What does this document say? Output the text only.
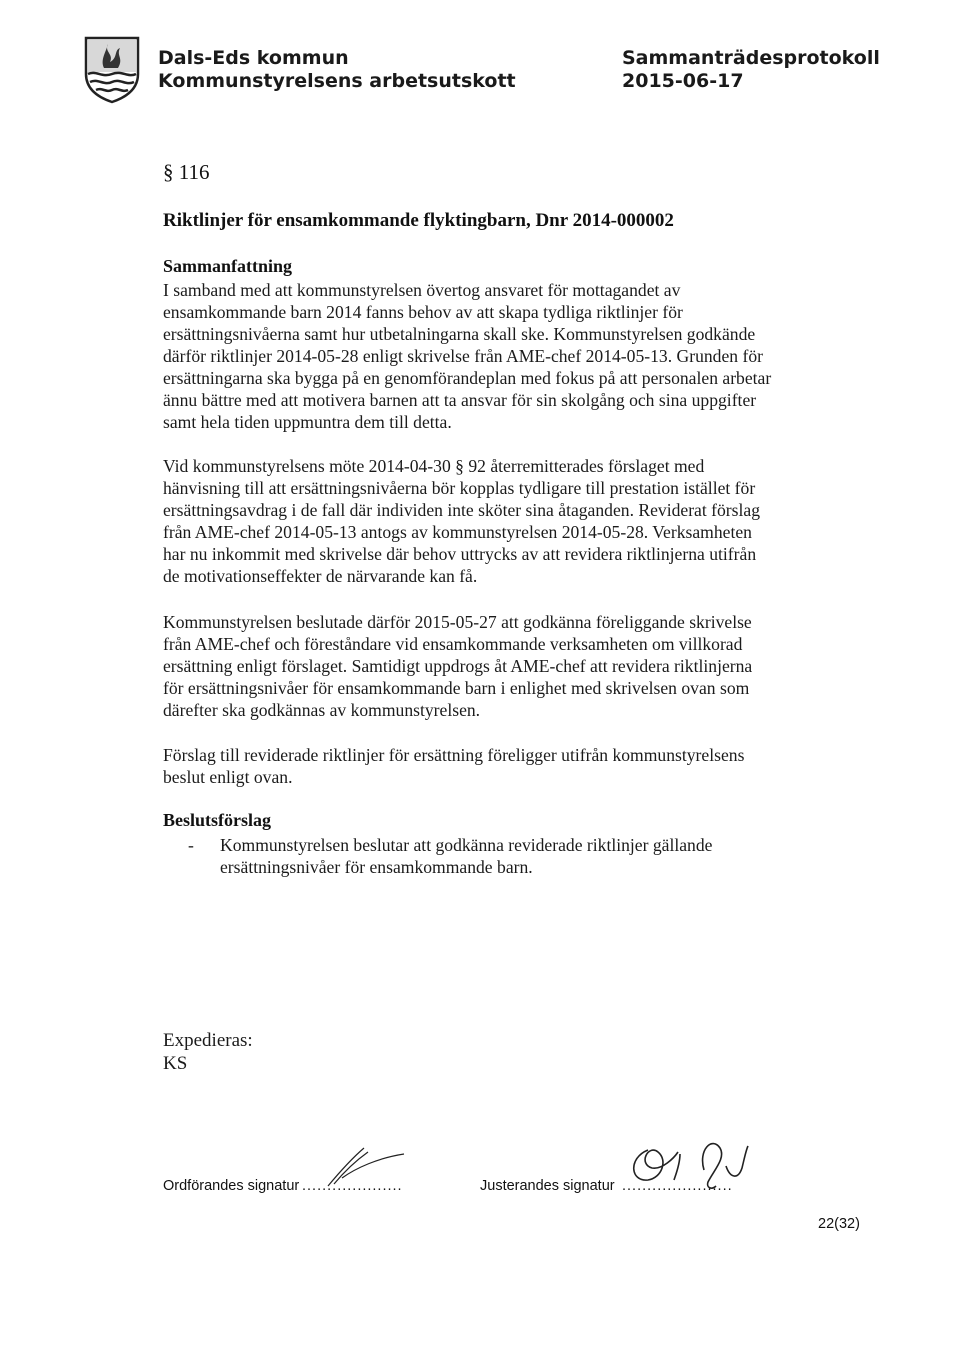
Dals-Eds kommun
Kommunstyrelsens arbetsutskott
Sammanträdesprotokoll
2015-06-17
§ 116
Riktlinjer för ensamkommande flyktingbarn, Dnr 2014-000002
Sammanfattning
I samband med att kommunstyrelsen övertog ansvaret för mottagandet av
ensamkommande barn 2014 fanns behov av att skapa tydliga riktlinjer för
ersättningsnivåerna samt hur utbetalningarna skall ske. Kommunstyrelsen godkände
därför riktlinjer 2014-05-28 enligt skrivelse från AME-chef 2014-05-13. Grunden för
ersättningarna ska bygga på en genomförandeplan med fokus på att personalen arbetar
ännu bättre med att motivera barnen att ta ansvar för sin skolgång och sina uppgifter
samt hela tiden uppmuntra dem till detta.
Vid kommunstyrelsens möte 2014-04-30 § 92 återremitterades förslaget med
hänvisning till att ersättningsnivåerna bör kopplas tydligare till prestation istället för
ersättningsavdrag i de fall där individen inte sköter sina åtaganden. Reviderat förslag
från AME-chef 2014-05-13 antogs av kommunstyrelsen 2014-05-28. Verksamheten
har nu inkommit med skrivelse där behov uttrycks av att revidera riktlinjerna utifrån
de motivationseffekter de närvarande kan få.
Kommunstyrelsen beslutade därför 2015-05-27 att godkänna föreliggande skrivelse
från AME-chef och föreståndare vid ensamkommande verksamheten om villkorad
ersättning enligt förslaget. Samtidigt uppdrogs åt AME-chef att revidera riktlinjerna
för ersättningsnivåer för ensamkommande barn i enlighet med skrivelsen ovan som
därefter ska godkännas av kommunstyrelsen.
Förslag till reviderade riktlinjer för ersättning föreligger utifrån kommunstyrelsens
beslut enligt ovan.
Beslutsförslag
- Kommunstyrelsen beslutar att godkänna reviderade riktlinjer gällande
ersättningsnivåer för ensamkommande barn.
Expedieras:
KS
Ordförandes signatur ....................	Justerandes signatur ......................
22(32)
